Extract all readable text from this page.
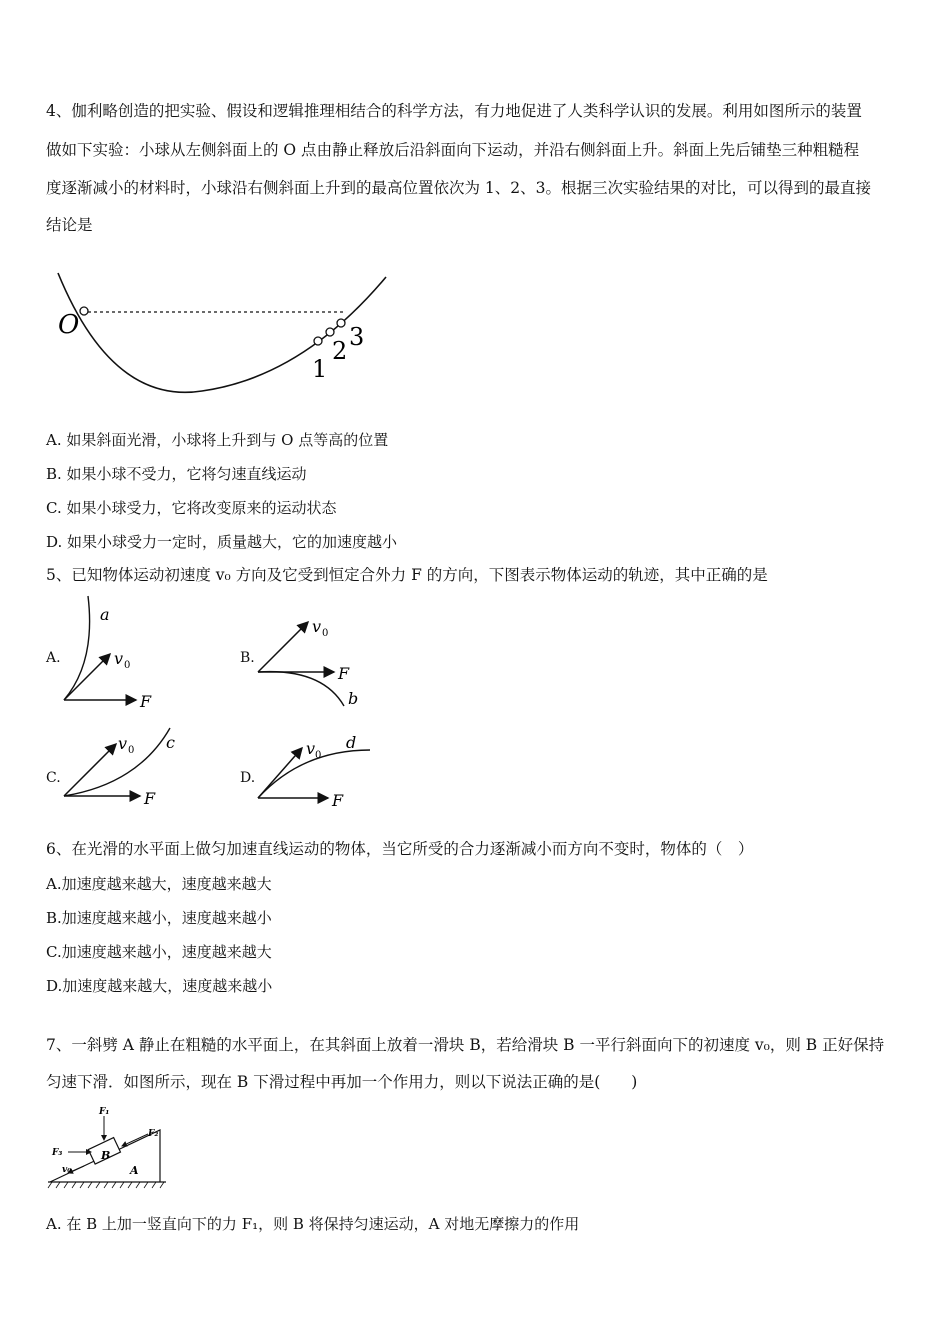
4、伽利略创造的把实验、假设和逻辑推理相结合的科学方法，有力地促进了人类科学认识的发展。利用如图所示的装置
做如下实验：小球从左侧斜面上的 O 点由静止释放后沿斜面向下运动，并沿右侧斜面上升。斜面上先后铺垫三种粗糙程
度逐渐减小的材料时，小球沿右侧斜面上升到的最高位置依次为 1、2、3。根据三次实验结果的对比，可以得到的最直接
结论是
O
1
2 3
A. 如果斜面光滑，小球将上升到与 O 点等高的位置
B. 如果小球不受力，它将匀速直线运动
C. 如果小球受力，它将改变原来的运动状态
D. 如果小球受力一定时，质量越大，它的加速度越小
5、已知物体运动初速度 v₀ 方向及它受到恒定合外力 F 的方向，下图表示物体运动的轨迹，其中正确的是
A.
F
v 0
a
B.
F
v 0
b
C.
F
v 0 c
D.
F
v 0
d
6、在光滑的水平面上做匀加速直线运动的物体，当它所受的合力逐渐减小而方向不变时，物体的（　）
A.加速度越来越大，速度越来越大
B.加速度越来越小，速度越来越小
C.加速度越来越小，速度越来越大
D.加速度越来越大，速度越来越小
7、一斜劈 A 静止在粗糙的水平面上，在其斜面上放着一滑块 B，若给滑块 B 一平行斜面向下的初速度 v₀，则 B 正好保持
匀速下滑．如图所示，现在 B 下滑过程中再加一个作用力，则以下说法正确的是(　　)
B
A
F₁
F₂
F₃
v₀
A. 在 B 上加一竖直向下的力 F₁，则 B 将保持匀速运动，A 对地无摩擦力的作用
